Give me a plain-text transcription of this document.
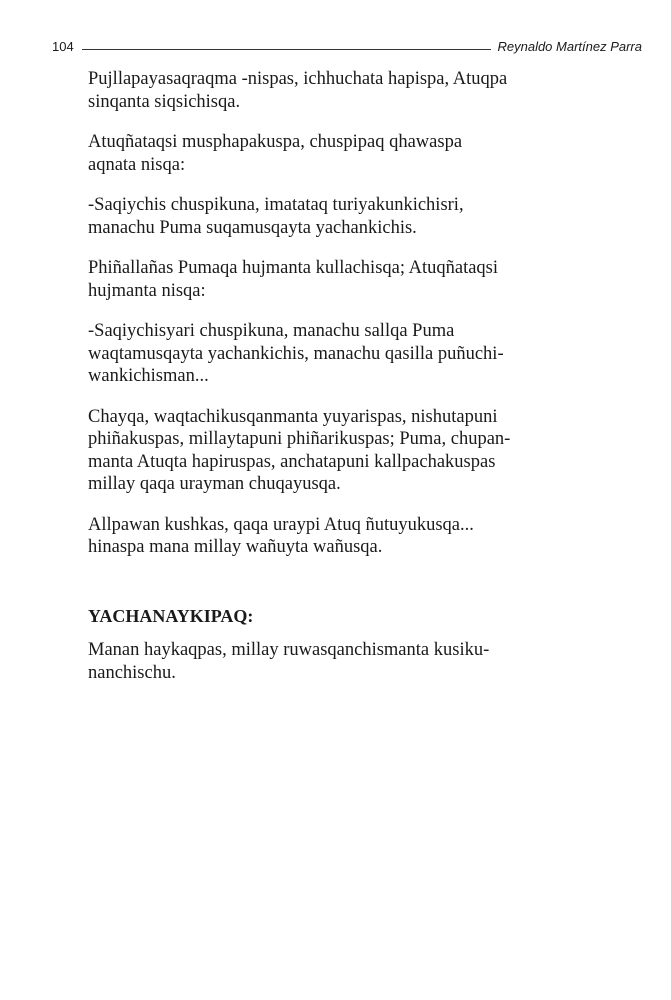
104	Reynaldo Martínez Parra

Pujllapayasaqraqma -nispas, ichhuchata hapispa, Atuqpa
sinqanta siqsichisqa.

Atuqñataqsi musphapakuspa, chuspipaq qhawaspa
aqnata nisqa:

-Saqiychis chuspikuna, imatataq turiyakunkichisri,
manachu Puma suqamusqayta yachankichis.

Phiñallañas Pumaqa hujmanta kullachisqa; Atuqñataqsi
hujmanta nisqa:

-Saqiychisyari chuspikuna, manachu sallqa Puma
waqtamusqayta yachankichis, manachu qasilla puñuchi-
wankichisman...

Chayqa, waqtachikusqanmanta yuyarispas, nishutapuni
phiñakuspas, millaytapuni phiñarikuspas; Puma, chupan-
manta Atuqta hapiruspas, anchatapuni kallpachakuspas
millay qaqa urayman chuqayusqa.

Allpawan kushkas, qaqa uraypi Atuq ñutuyukusqa...
hinaspa mana millay wañuyta wañusqa.

YACHANAYKIPAQ:

Manan haykaqpas, millay ruwasqanchismanta kusiku-
nanchischu.
